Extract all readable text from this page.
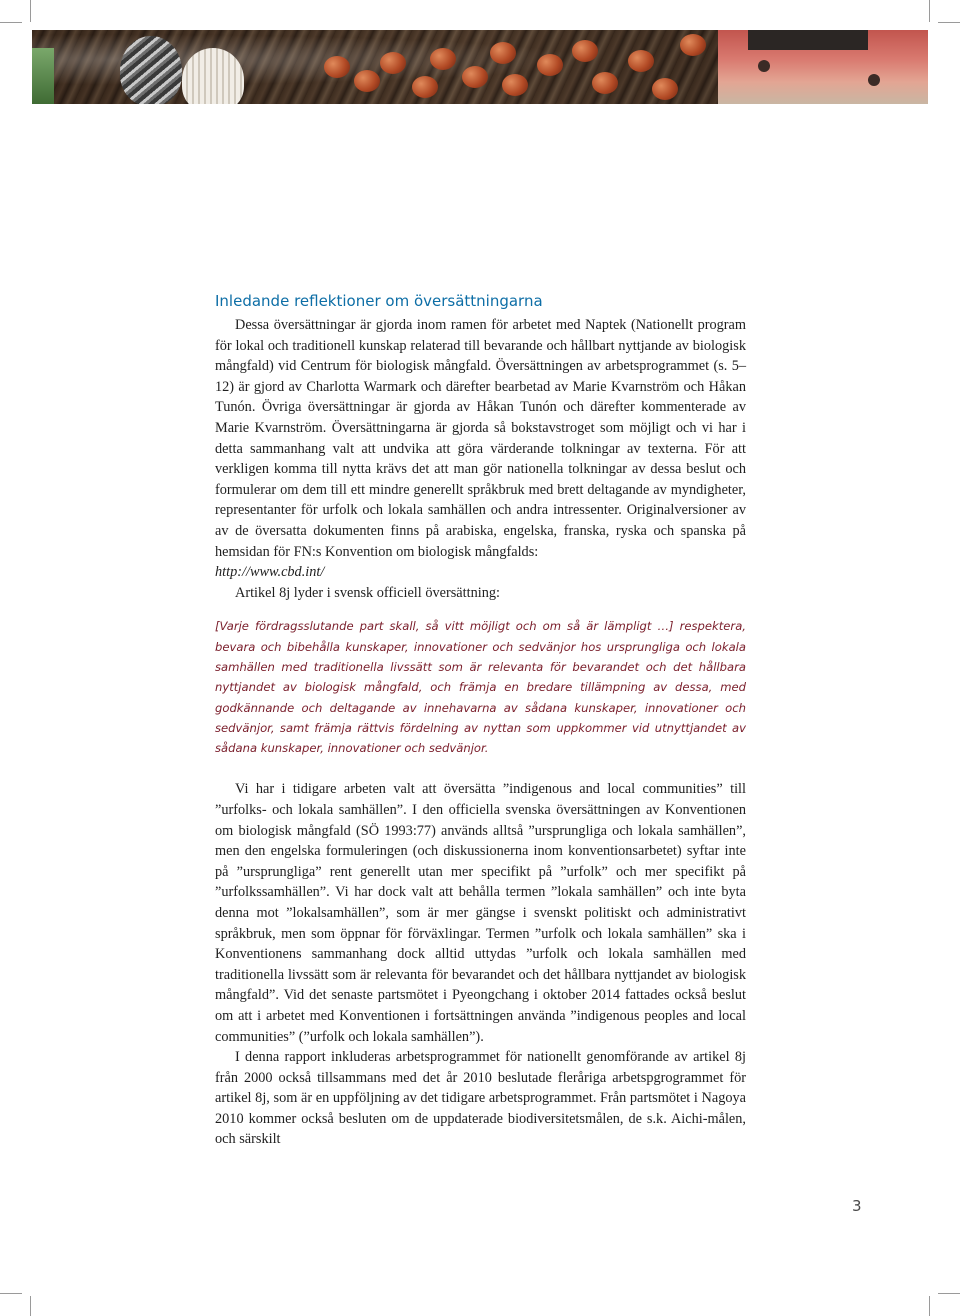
Inledande reflektioner om översättningarna

Dessa översättningar är gjorda inom ramen för arbetet med Naptek (Nationellt program för lokal och traditionell kunskap relaterad till bevarande och hållbart nyttjande av biologisk mångfald) vid Centrum för biologisk mångfald. Översättningen av arbetsprogrammet (s. 5–12) är gjord av Charlotta Warmark och därefter bearbetad av Marie Kvarnström och Håkan Tunón. Övriga översättningar är gjorda av Håkan Tunón och därefter kommenterade av Marie Kvarnström. Översättningarna är gjorda så bokstavstroget som möjligt och vi har i detta sammanhang valt att undvika att göra värderande tolkningar av texterna. För att verkligen komma till nytta krävs det att man gör nationella tolkningar av dessa beslut och formulerar om dem till ett mindre generellt språkbruk med brett deltagande av myndigheter, representanter för urfolk och lokala samhällen och andra intressenter. Originalversioner av av de översatta dokumenten finns på arabiska, engelska, franska, ryska och spanska på hemsidan för FN:s Konvention om biologisk mångfalds:

http://www.cbd.int/

Artikel 8j lyder i svensk officiell översättning:

[Varje fördragsslutande part skall, så vitt möjligt och om så är lämpligt …] respektera, bevara och bibehålla kunskaper, innovationer och sedvänjor hos ursprungliga och lokala samhällen med traditionella livssätt som är relevanta för bevarandet och det hållbara nyttjandet av biologisk mångfald, och främja en bredare tillämpning av dessa, med godkännande och deltagande av innehavarna av sådana kunskaper, innovationer och sedvänjor, samt främja rättvis fördelning av nyttan som uppkommer vid utnyttjandet av sådana kunskaper, innovationer och sedvänjor.

Vi har i tidigare arbeten valt att översätta ”indigenous and local communities” till ”urfolks- och lokala samhällen”. I den officiella svenska översättningen av Konventionen om biologisk mångfald (SÖ 1993:77) används alltså ”ursprungliga och lokala samhällen”, men den engelska formuleringen (och diskussionerna inom konventionsarbetet) syftar inte på ”ursprungliga” rent generellt utan mer specifikt på ”urfolk” och mer specifikt på ”urfolkssamhällen”. Vi har dock valt att behålla termen ”lokala samhällen” och inte byta denna mot ”lokalsamhällen”, som är mer gängse i svenskt politiskt och administrativt språkbruk, men som öppnar för förväxlingar. Termen ”urfolk och lokala samhällen” ska i Konventionens sammanhang dock alltid uttydas ”urfolk och lokala samhällen med traditionella livssätt som är relevanta för bevarandet och det hållbara nyttjandet av biologisk mångfald”. Vid det senaste partsmötet i Pyeongchang i oktober 2014 fattades också beslut om att i arbetet med Konventionen i fortsättningen använda ”indigenous peoples and local communities” (”urfolk och lokala samhällen”).

I denna rapport inkluderas arbetsprogrammet för nationellt genomförande av artikel 8j från 2000 också tillsammans med det år 2010 beslutade fleråriga arbetspgrogrammet för artikel 8j, som är en uppföljning av det tidigare arbetsprogrammet. Från partsmötet i Nagoya 2010 kommer också besluten om de uppdaterade biodiversitetsmålen, de s.k. Aichi-målen, och särskilt

3
